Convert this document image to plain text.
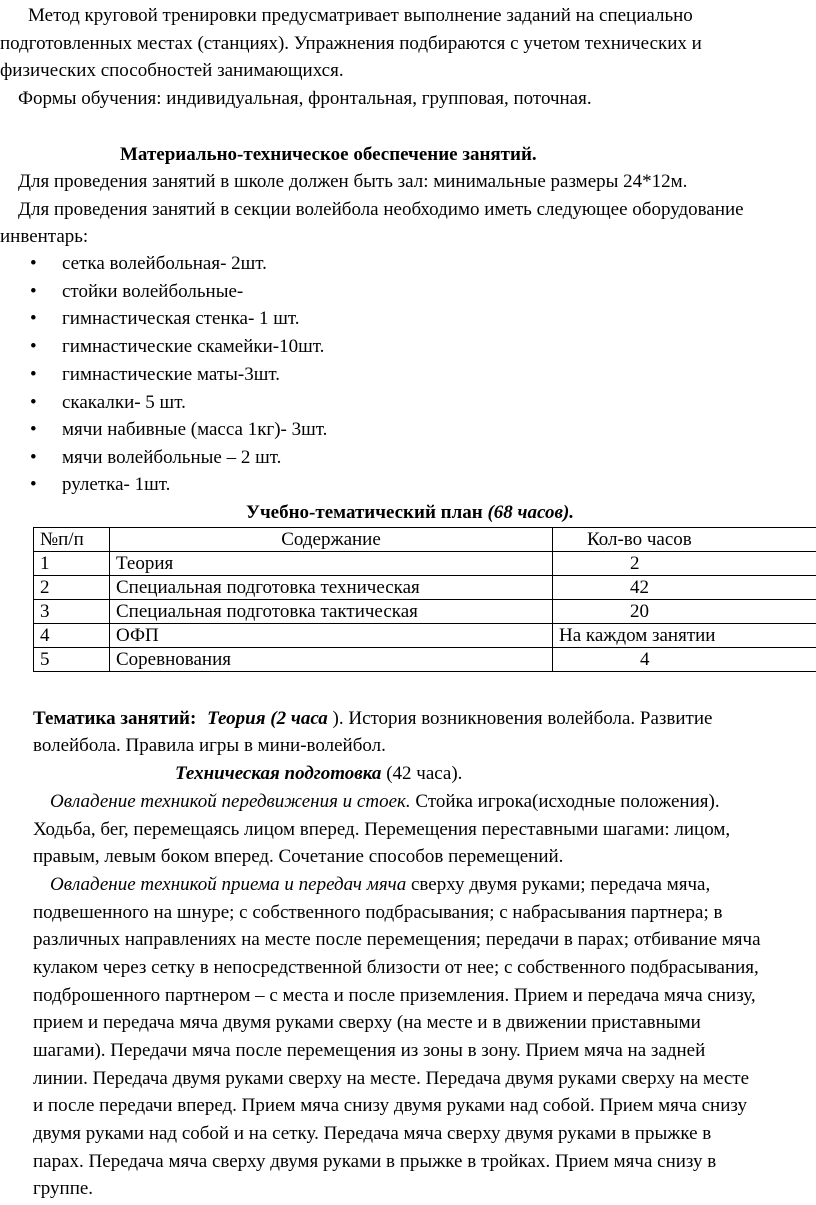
Метод круговой тренировки предусматривает выполнение заданий на специально
подготовленных местах (станциях). Упражнения подбираются с учетом технических и
физических способностей занимающихся.
Формы обучения: индивидуальная, фронтальная, групповая, поточная.
Материально-техническое обеспечение занятий.
Для проведения занятий в школе должен быть зал: минимальные размеры 24*12м.
Для проведения занятий в секции волейбола необходимо иметь следующее оборудование
инвентарь:
• сетка волейбольная- 2шт.
• стойки волейбольные-
• гимнастическая стенка- 1 шт.
• гимнастические скамейки-10шт.
• гимнастические маты-3шт.
• скакалки- 5 шт.
• мячи набивные (масса 1кг)- 3шт.
• мячи волейбольные – 2 шт.
• рулетка- 1шт.
Учебно-тематический план (68 часов).
№п/п	Содержание	Кол-во часов
1	Теория	2
2	Специальная подготовка техническая	42
3	Специальная подготовка тактическая	20
4	ОФП	На каждом занятии
5	Соревнования	4
Тематика занятий: Теория (2 часа ). История возникновения волейбола. Развитие
волейбола. Правила игры в мини-волейбол.
Техническая подготовка (42 часа).
Овладение техникой передвижения и стоек. Стойка игрока(исходные положения).
Ходьба, бег, перемещаясь лицом вперед. Перемещения переставными шагами: лицом,
правым, левым боком вперед. Сочетание способов перемещений.
Овладение техникой приема и передач мяча сверху двумя руками; передача мяча,
подвешенного на шнуре; с собственного подбрасывания; с набрасывания партнера; в
различных направлениях на месте после перемещения; передачи в парах; отбивание мяча
кулаком через сетку в непосредственной близости от нее; с собственного подбрасывания,
подброшенного партнером – с места и после приземления. Прием и передача мяча снизу,
прием и передача мяча двумя руками сверху (на месте и в движении приставными
шагами). Передачи мяча после перемещения из зоны в зону. Прием мяча на задней
линии. Передача двумя руками сверху на месте. Передача двумя руками сверху на месте
и после передачи вперед. Прием мяча снизу двумя руками над собой. Прием мяча снизу
двумя руками над собой и на сетку. Передача мяча сверху двумя руками в прыжке в
парах. Передача мяча сверху двумя руками в прыжке в тройках. Прием мяча снизу в
группе.
